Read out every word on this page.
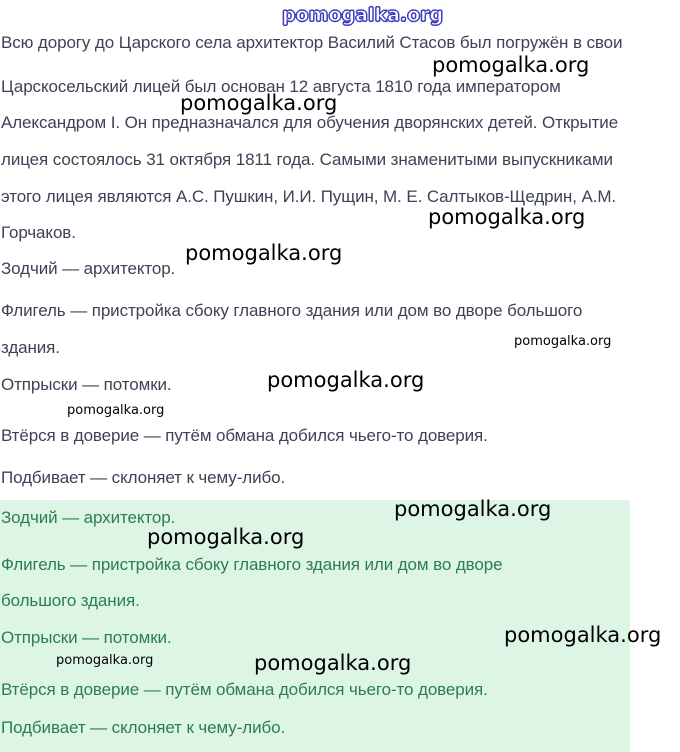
Всю дорогу до Царского села архитектор Василий Стасов был погружён в свои
Царскосельский лицей был основан 12 августа 1810 года императором
Александром I. Он предназначался для обучения дворянских детей. Открытие
лицея состоялось 31 октября 1811 года. Самыми знаменитыми выпускниками
этого лицея являются А.С. Пушкин, И.И. Пущин, М. Е. Салтыков-Щедрин, А.М.
Горчаков.
Зодчий — архитектор.
Флигель — пристройка сбоку главного здания или дом во дворе большого
здания.
Отпрыски — потомки.
Втёрся в доверие — путём обмана добился чьего-то доверия.
Подбивает — склоняет к чему-либо.
Зодчий — архитектор.
Флигель — пристройка сбоку главного здания или дом во дворе
большого здания.
Отпрыски — потомки.
Втёрся в доверие — путём обмана добился чьего-то доверия.
Подбивает — склоняет к чему-либо.
pomogalka.org
pomogalka.org
pomogalka.org
pomogalka.org
pomogalka.org
pomogalka.org
pomogalka.org
pomogalka.org
pomogalka.org
pomogalka.org
pomogalka.org
pomogalka.org	pomogalka.org
